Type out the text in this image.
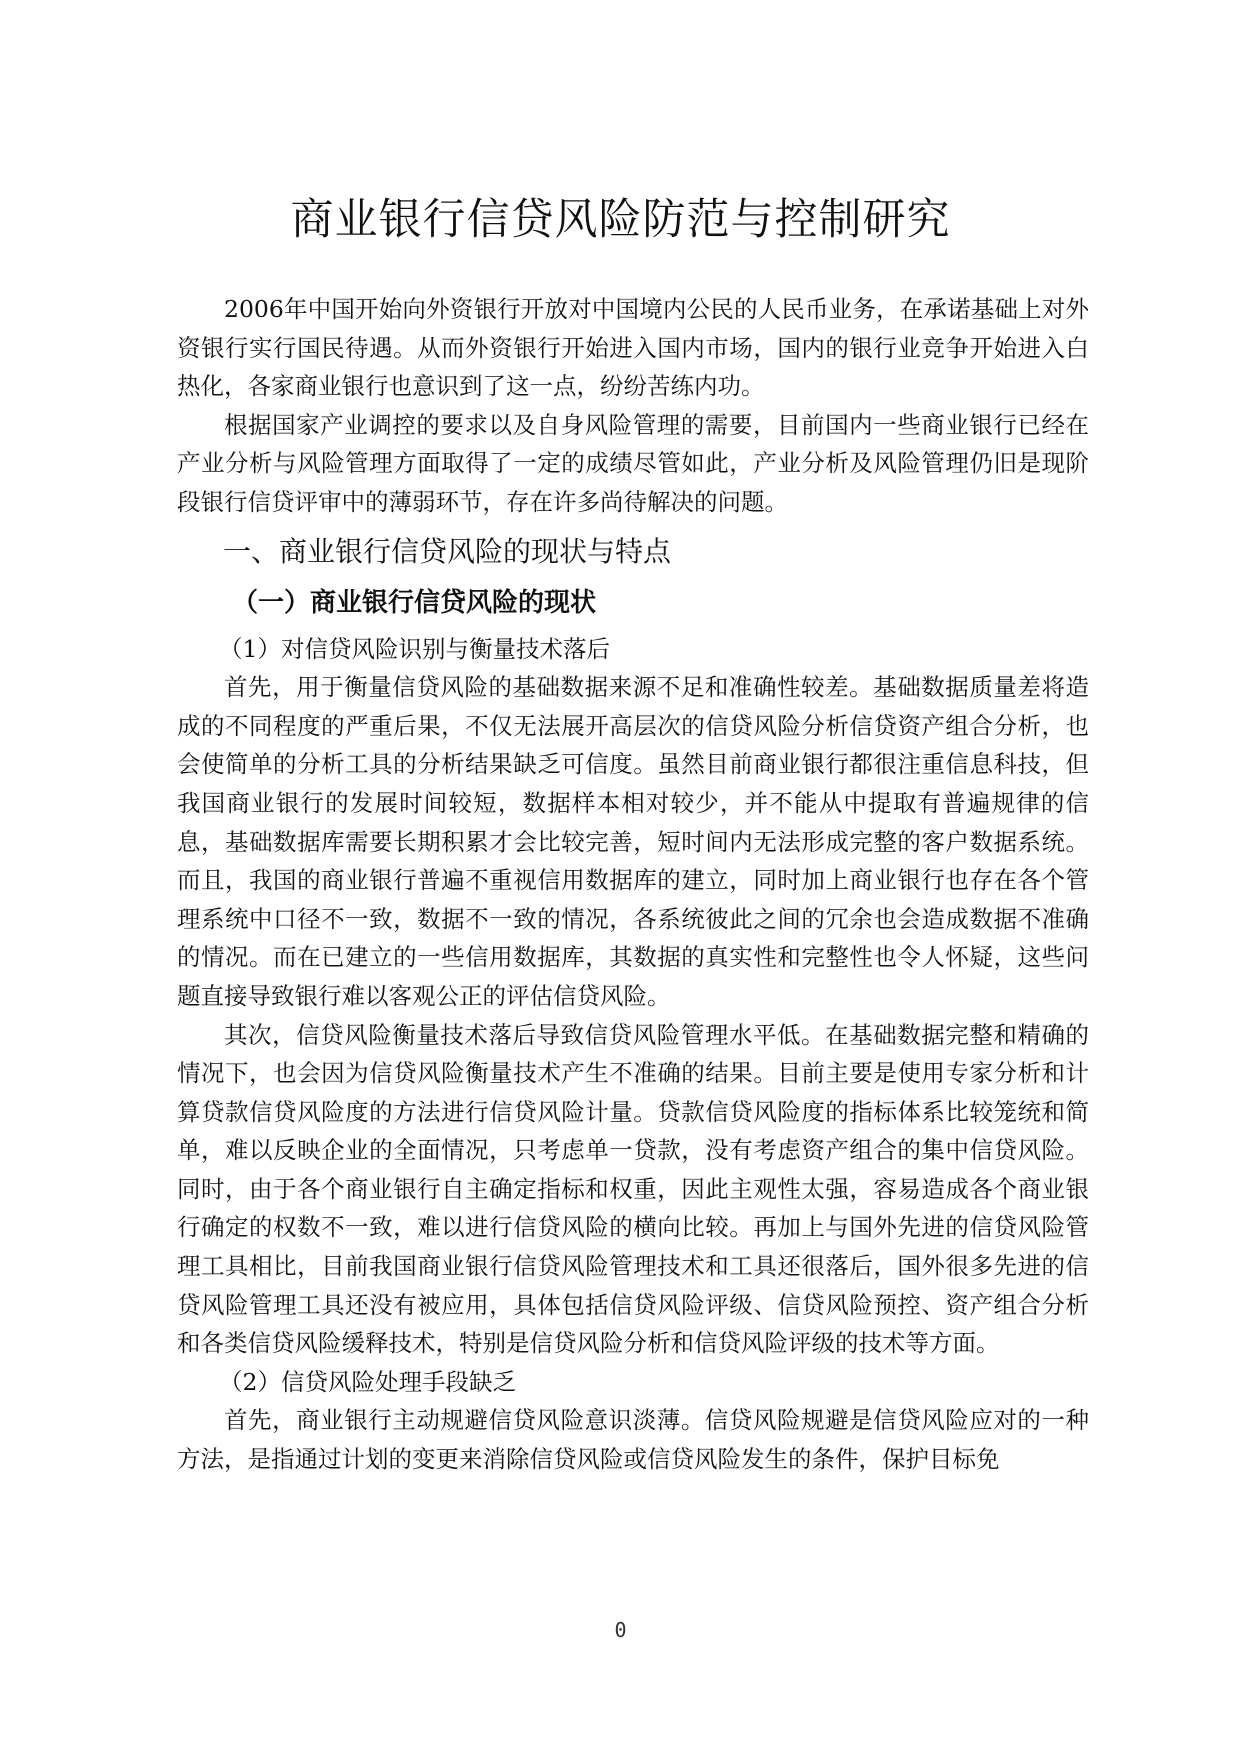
商业银行信贷风险防范与控制研究

2006年中国开始向外资银行开放对中国境内公民的人民币业务，在承诺基础上对外资银行实行国民待遇。从而外资银行开始进入国内市场，国内的银行业竞争开始进入白热化，各家商业银行也意识到了这一点，纷纷苦练内功。

根据国家产业调控的要求以及自身风险管理的需要，目前国内一些商业银行已经在产业分析与风险管理方面取得了一定的成绩尽管如此，产业分析及风险管理仍旧是现阶段银行信贷评审中的薄弱环节，存在许多尚待解决的问题。

一、商业银行信贷风险的现状与特点
（一）商业银行信贷风险的现状

（1）对信贷风险识别与衡量技术落后

首先，用于衡量信贷风险的基础数据来源不足和准确性较差。基础数据质量差将造成的不同程度的严重后果，不仅无法展开高层次的信贷风险分析信贷资产组合分析，也会使简单的分析工具的分析结果缺乏可信度。虽然目前商业银行都很注重信息科技，但我国商业银行的发展时间较短，数据样本相对较少，并不能从中提取有普遍规律的信息，基础数据库需要长期积累才会比较完善，短时间内无法形成完整的客户数据系统。而且，我国的商业银行普遍不重视信用数据库的建立，同时加上商业银行也存在各个管理系统中口径不一致，数据不一致的情况，各系统彼此之间的冗余也会造成数据不准确的情况。而在已建立的一些信用数据库，其数据的真实性和完整性也令人怀疑，这些问题直接导致银行难以客观公正的评估信贷风险。

其次，信贷风险衡量技术落后导致信贷风险管理水平低。在基础数据完整和精确的情况下，也会因为信贷风险衡量技术产生不准确的结果。目前主要是使用专家分析和计算贷款信贷风险度的方法进行信贷风险计量。贷款信贷风险度的指标体系比较笼统和简单，难以反映企业的全面情况，只考虑单一贷款，没有考虑资产组合的集中信贷风险。同时，由于各个商业银行自主确定指标和权重，因此主观性太强，容易造成各个商业银行确定的权数不一致，难以进行信贷风险的横向比较。再加上与国外先进的信贷风险管理工具相比，目前我国商业银行信贷风险管理技术和工具还很落后，国外很多先进的信贷风险管理工具还没有被应用，具体包括信贷风险评级、信贷风险预控、资产组合分析和各类信贷风险缓释技术，特别是信贷风险分析和信贷风险评级的技术等方面。

（2）信贷风险处理手段缺乏

首先，商业银行主动规避信贷风险意识淡薄。信贷风险规避是信贷风险应对的一种方法，是指通过计划的变更来消除信贷风险或信贷风险发生的条件，保护目标免

0
